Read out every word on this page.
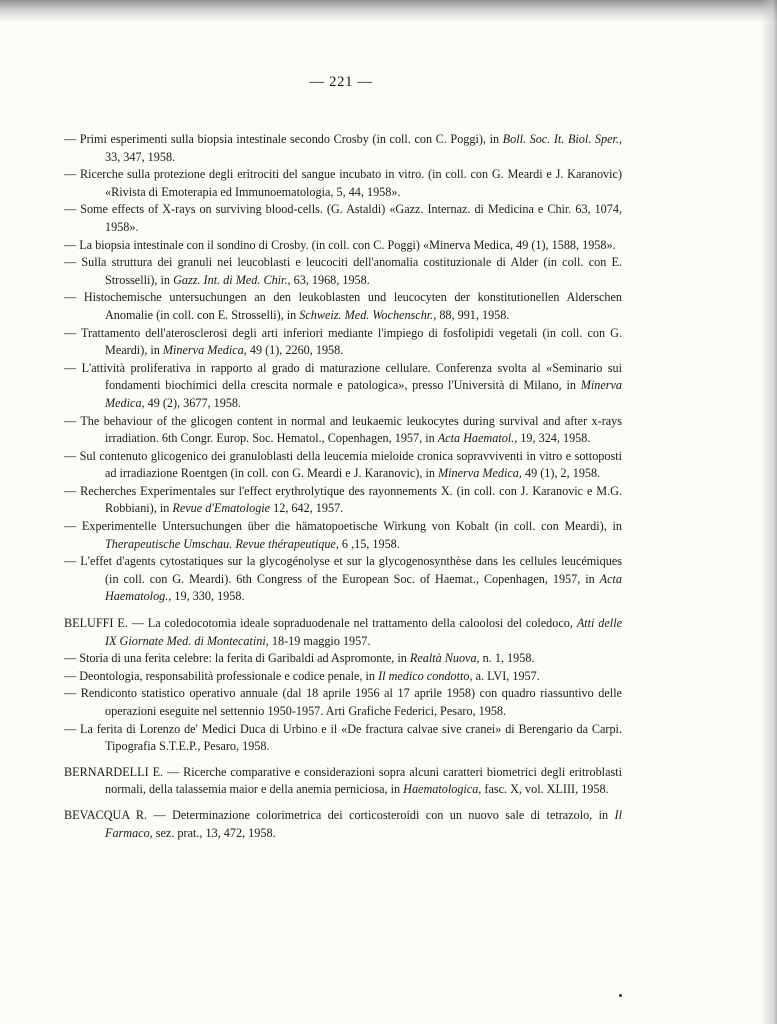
— 221 —

— Primi esperimenti sulla biopsia intestinale secondo Crosby (in coll. con C. Poggi), in Boll. Soc. It. Biol. Sper., 33, 347, 1958.

— Ricerche sulla protezione degli eritrociti del sangue incubato in vitro. (in coll. con G. Meardi e J. Karanovic) «Rivista di Emoterapia ed Immunoematologia, 5, 44, 1958».

— Some effects of X-rays on surviving blood-cells. (G. Astaldi) «Gazz. Internaz. di Medicina e Chir. 63, 1074, 1958».

— La biopsia intestinale con il sondino di Crosby. (in coll. con C. Poggi) «Minerva Medica, 49 (1), 1588, 1958».

— Sulla struttura dei granuli nei leucoblasti e leucociti dell'anomalia costituzionale di Alder (in coll. con E. Strosselli), in Gazz. Int. di Med. Chir., 63, 1968, 1958.

— Histochemische untersuchungen an den leukoblasten und leucocyten der konstitutionellen Alderschen Anomalie (in coll. con E. Strosselli), in Schweiz. Med. Wochenschr., 88, 991, 1958.

— Trattamento dell'aterosclerosi degli arti inferiori mediante l'impiego di fosfolipidi vegetali (in coll. con G. Meardi), in Minerva Medica, 49 (1), 2260, 1958.

— L'attività proliferativa in rapporto al grado di maturazione cellulare. Conferenza svolta al «Seminario sui fondamenti biochimici della crescita normale e patologica», presso l'Università di Milano, in Minerva Medica, 49 (2), 3677, 1958.

— The behaviour of the glicogen content in normal and leukaemic leukocytes during survival and after x-rays irradiation. 6th Congr. Europ. Soc. Hematol., Copenhagen, 1957, in Acta Haematol., 19, 324, 1958.

— Sul contenuto glicogenico dei granuloblasti della leucemia mieloide cronica sopravviventi in vitro e sottoposti ad irradiazione Roentgen (in coll. con G. Meardi e J. Karanovic), in Minerva Medica, 49 (1), 2, 1958.

— Recherches Experimentales sur l'effect erythrolytique des rayonnements X. (in coll. con J. Karanovic e M.G. Robbiani), in Revue d'Ematologie 12, 642, 1957.

— Experimentelle Untersuchungen über die hämatopoetische Wirkung von Kobalt (in coll. con Meardi), in Therapeutische Umschau. Revue thérapeutique, 6 ,15, 1958.

— L'effet d'agents cytostatiques sur la glycogénolyse et sur la glycogenosynthèse dans les cellules leucémiques (in coll. con G. Meardi). 6th Congress of the European Soc. of Haemat., Copenhagen, 1957, in Acta Haematolog., 19, 330, 1958.

BELUFFI E. — La coledocotomia ideale sopraduodenale nel trattamento della caloolosi del coledoco, Atti delle IX Giornate Med. di Montecatini, 18-19 maggio 1957.

— Storia di una ferita celebre: la ferita di Garibaldi ad Aspromonte, in Realtà Nuova, n. 1, 1958.

— Deontologia, responsabilità professionale e codice penale, in Il medico condotto, a. LVI, 1957.

— Rendiconto statistico operativo annuale (dal 18 aprile 1956 al 17 aprile 1958) con quadro riassuntivo delle operazioni eseguite nel settennio 1950-1957. Arti Grafiche Federici, Pesaro, 1958.

— La ferita di Lorenzo de' Medici Duca di Urbino e il «De fractura calvae sive cranei» di Berengario da Carpi. Tipografia S.T.E.P., Pesaro, 1958.

BERNARDELLI E. — Ricerche comparative e considerazioni sopra alcuni caratteri biometrici degli eritroblasti normali, della talassemia maior e della anemia perniciosa, in Haematologica, fasc. X, vol. XLIII, 1958.

BEVACQUA R. — Determinazione colorimetrica dei corticosteroidi con un nuovo sale di tetrazolo, in Il Farmaco, sez. prat., 13, 472, 1958.
